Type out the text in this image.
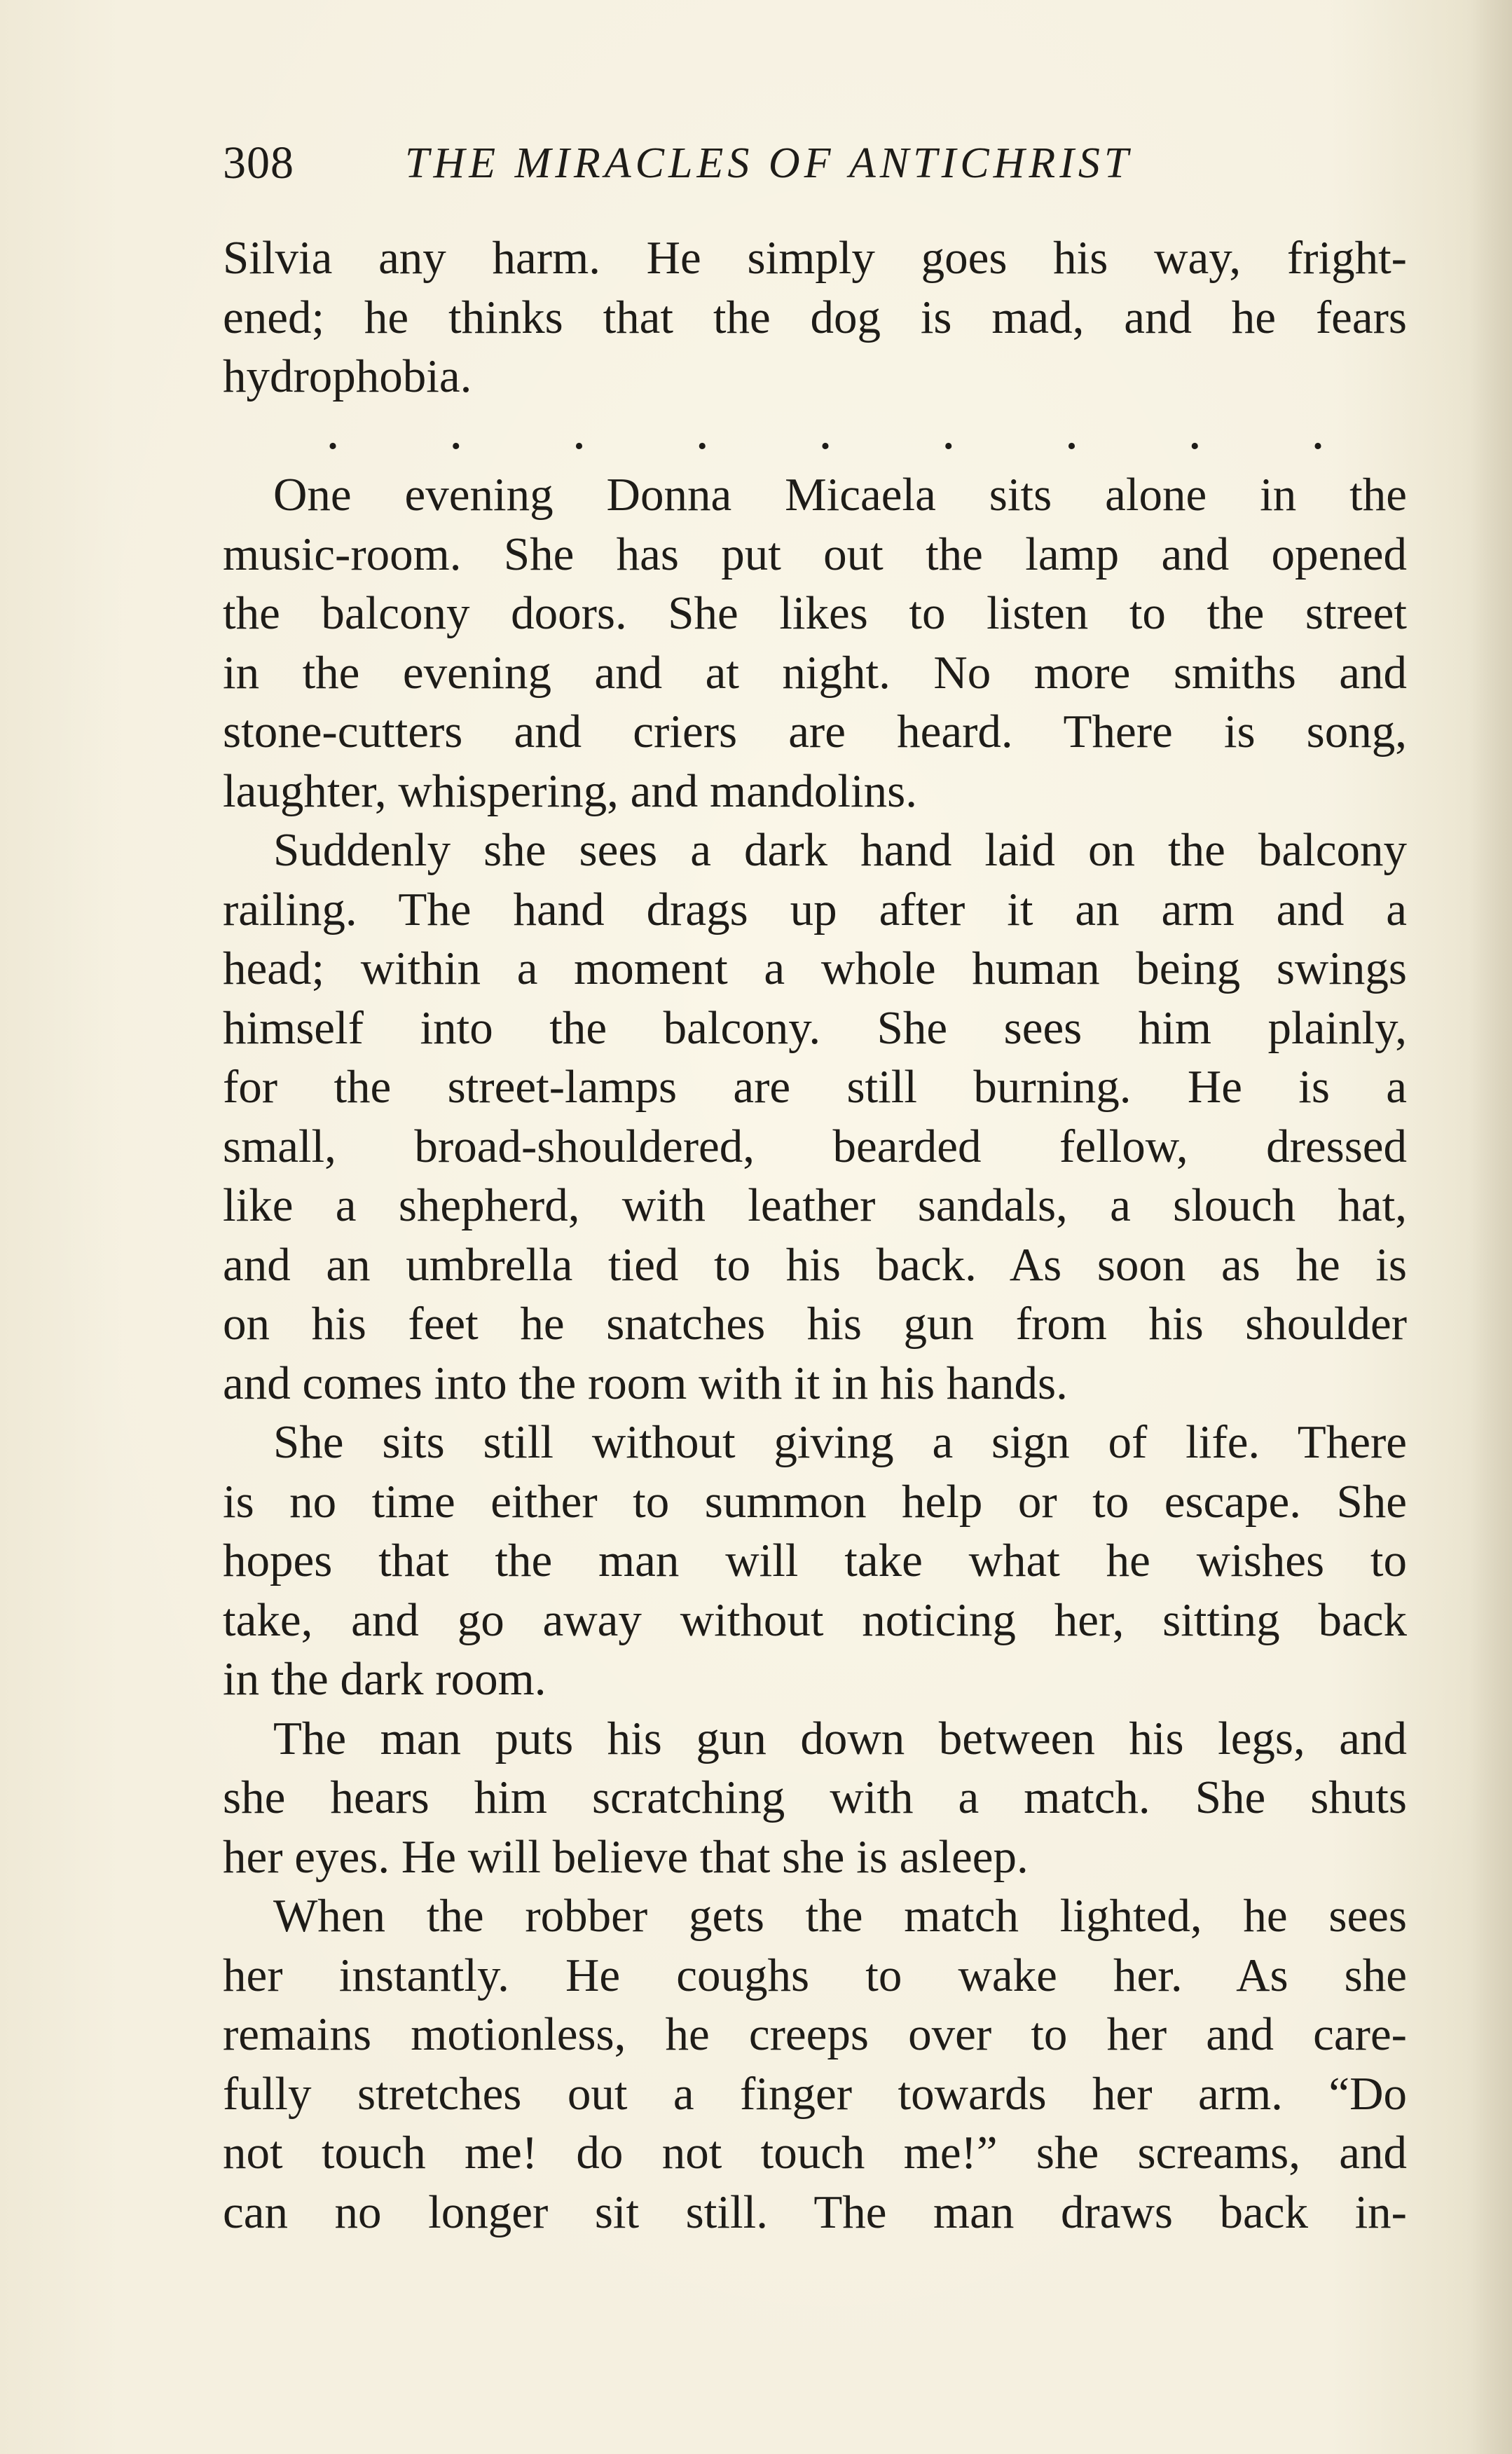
308	THE MIRACLES OF ANTICHRIST
Silvia any harm. He simply goes his way, fright-
ened; he thinks that the dog is mad, and he fears
hydrophobia.
.	.	.	.	.	.	.	.	.
One evening Donna Micaela sits alone in the
music-room. She has put out the lamp and opened
the balcony doors. She likes to listen to the street
in the evening and at night. No more smiths and
stone-cutters and criers are heard. There is song,
laughter, whispering, and mandolins.
Suddenly she sees a dark hand laid on the balcony
railing. The hand drags up after it an arm and a
head; within a moment a whole human being swings
himself into the balcony. She sees him plainly,
for the street-lamps are still burning. He is a
small, broad-shouldered, bearded fellow, dressed
like a shepherd, with leather sandals, a slouch hat,
and an umbrella tied to his back. As soon as he is
on his feet he snatches his gun from his shoulder
and comes into the room with it in his hands.
She sits still without giving a sign of life. There
is no time either to summon help or to escape. She
hopes that the man will take what he wishes to
take, and go away without noticing her, sitting back
in the dark room.
The man puts his gun down between his legs, and
she hears him scratching with a match. She shuts
her eyes. He will believe that she is asleep.
When the robber gets the match lighted, he sees
her instantly. He coughs to wake her. As she
remains motionless, he creeps over to her and care-
fully stretches out a finger towards her arm. “Do
not touch me! do not touch me!” she screams, and
can no longer sit still. The man draws back in-
